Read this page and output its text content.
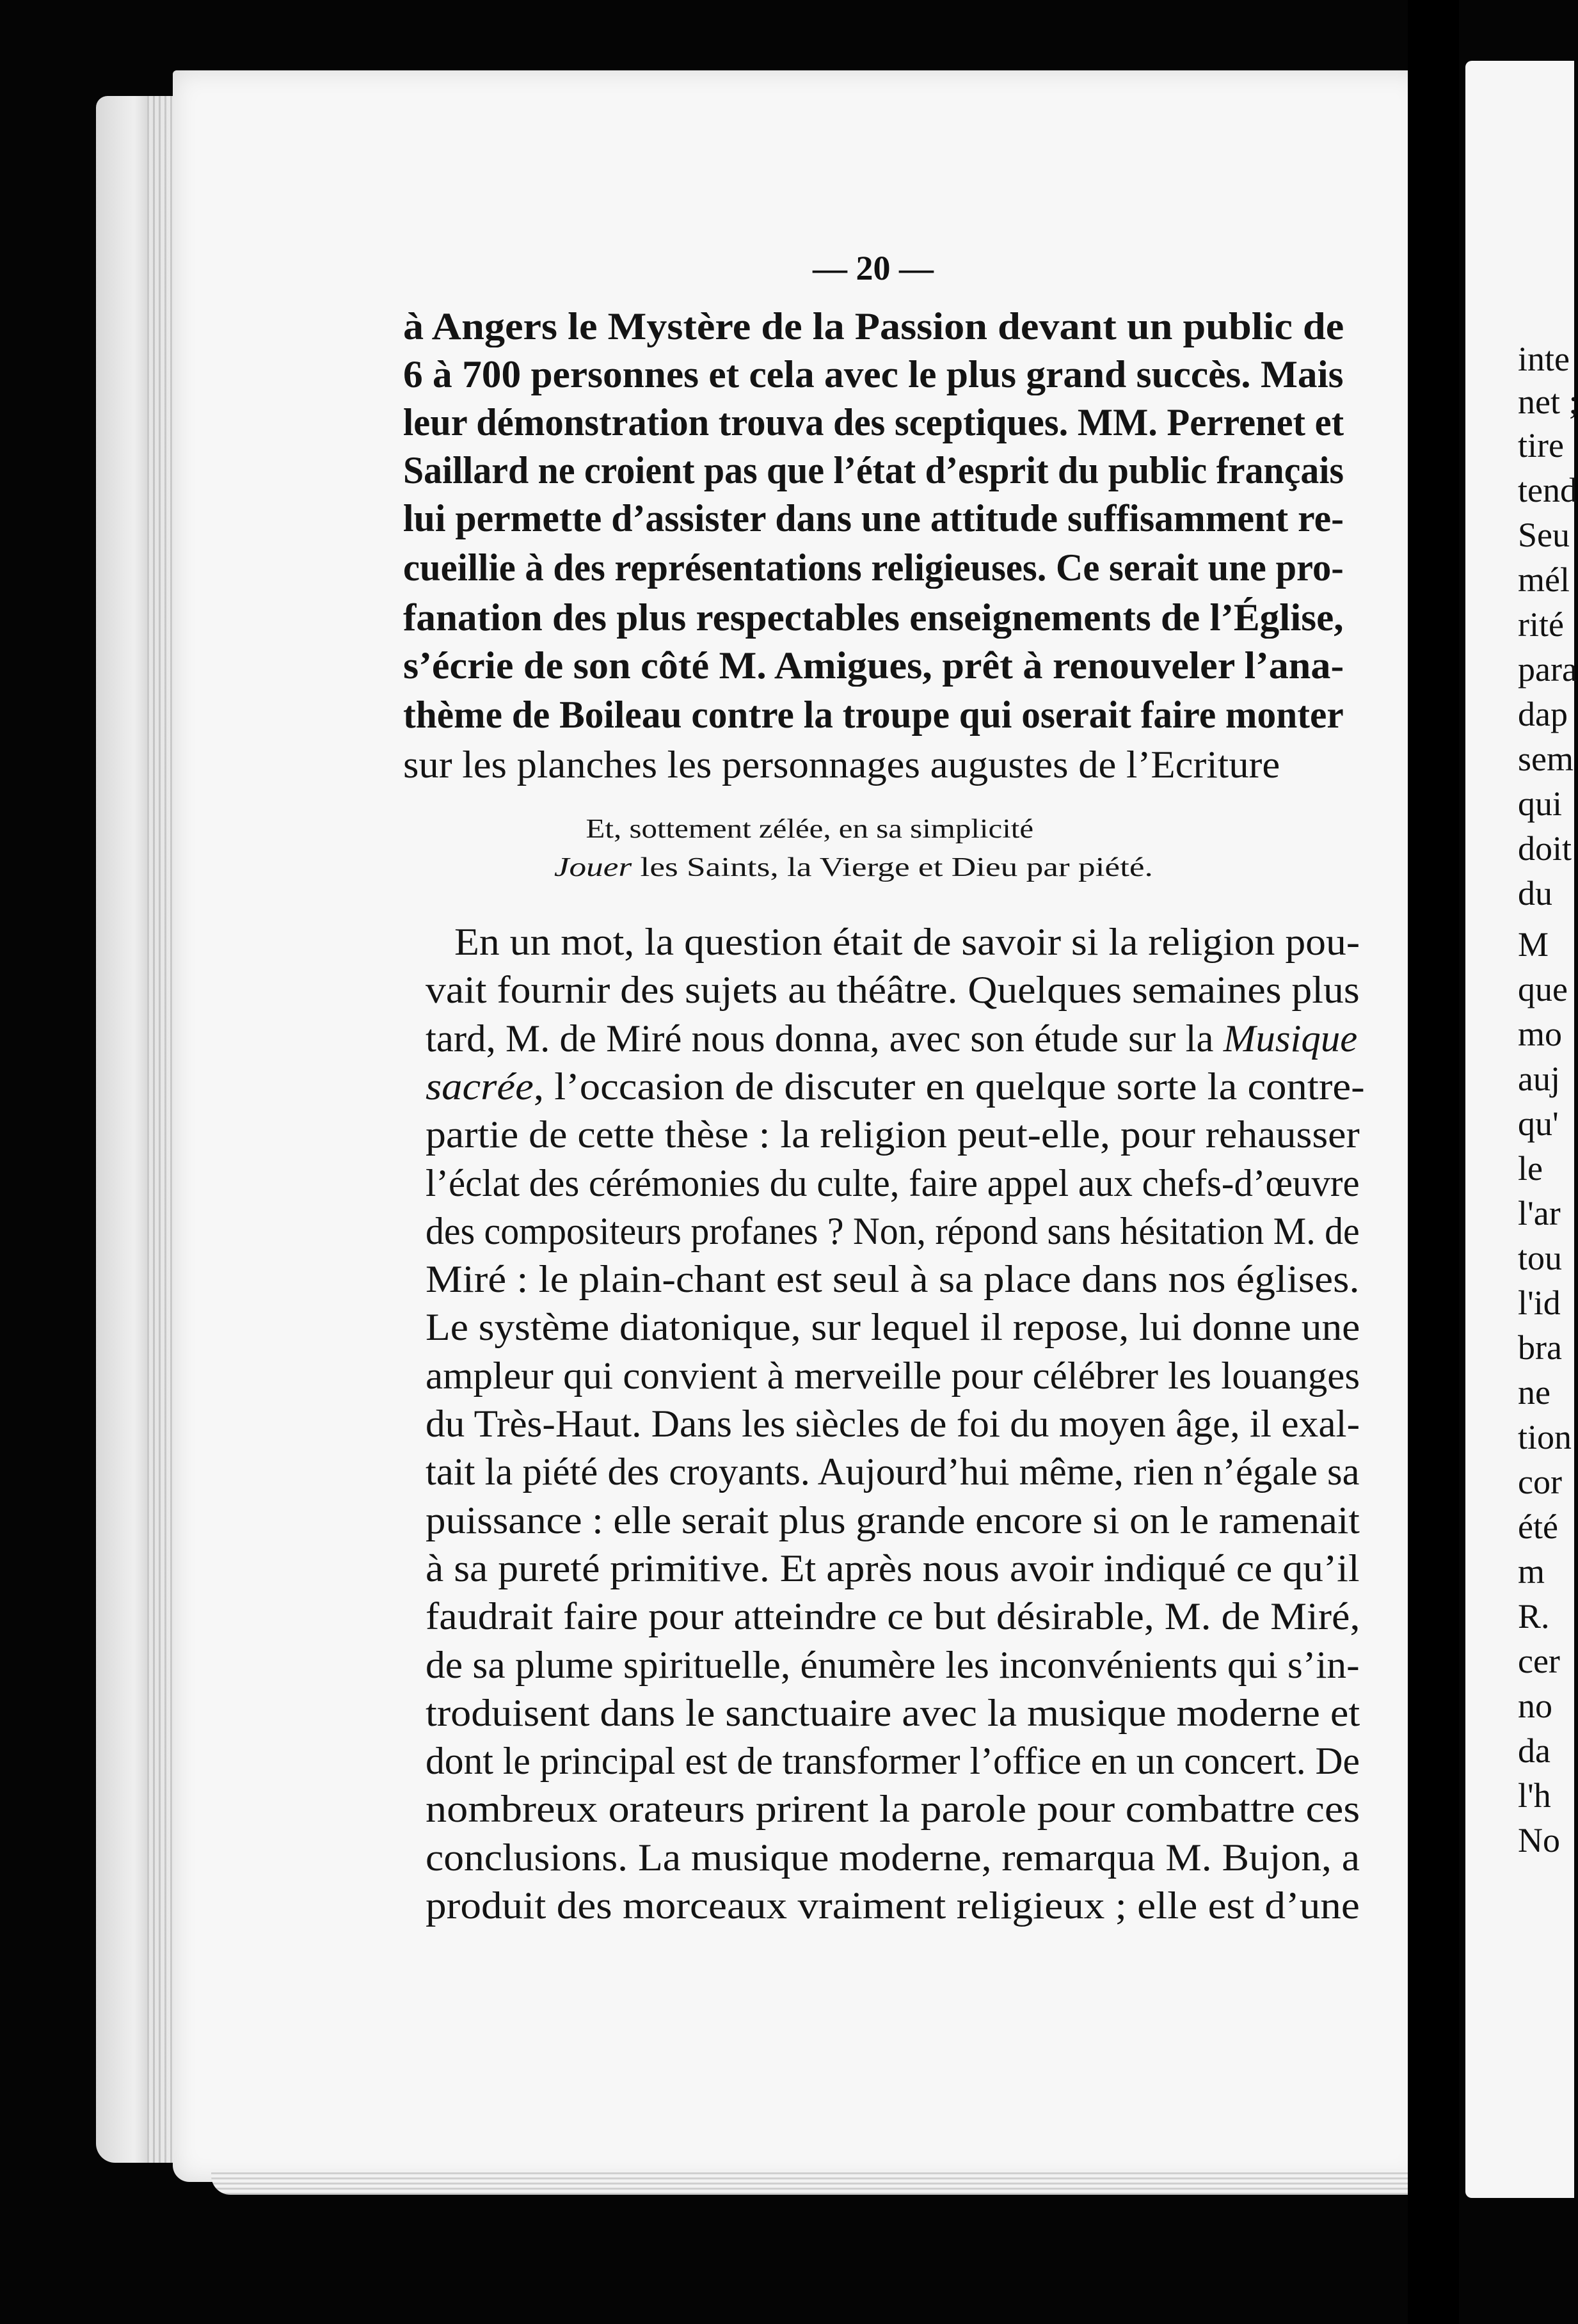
— 20 —
à Angers le Mystère de la Passion devant un public de
6 à 700 personnes et cela avec le plus grand succès. Mais
leur démonstration trouva des sceptiques. MM. Perrenet et
Saillard ne croient pas que l’état d’esprit du public français
lui permette d’assister dans une attitude suffisamment re-
cueillie à des représentations religieuses. Ce serait une pro-
fanation des plus respectables enseignements de l’Église,
s’écrie de son côté M. Amigues, prêt à renouveler l’ana-
thème de Boileau contre la troupe qui oserait faire monter
sur les planches les personnages augustes de l’Ecriture
Et, sottement zélée, en sa simplicité
Jouer les Saints, la Vierge et Dieu par piété.
En un mot, la question était de savoir si la religion pou-
vait fournir des sujets au théâtre. Quelques semaines plus
tard, M. de Miré nous donna, avec son étude sur la Musique
sacrée, l’occasion de discuter en quelque sorte la contre-
partie de cette thèse : la religion peut-elle, pour rehausser
l’éclat des cérémonies du culte, faire appel aux chefs-d’œuvre
des compositeurs profanes ? Non, répond sans hésitation M. de
Miré : le plain-chant est seul à sa place dans nos églises.
Le système diatonique, sur lequel il repose, lui donne une
ampleur qui convient à merveille pour célébrer les louanges
du Très-Haut. Dans les siècles de foi du moyen âge, il exal-
tait la piété des croyants. Aujourd’hui même, rien n’égale sa
puissance : elle serait plus grande encore si on le ramenait
à sa pureté primitive. Et après nous avoir indiqué ce qu’il
faudrait faire pour atteindre ce but désirable, M. de Miré,
de sa plume spirituelle, énumère les inconvénients qui s’in-
troduisent dans le sanctuaire avec la musique moderne et
dont le principal est de transformer l’office en un concert. De
nombreux orateurs prirent la parole pour combattre ces
conclusions. La musique moderne, remarqua M. Bujon, a
produit des morceaux vraiment religieux ; elle est d’une
inte
net ;
tire
tend
Seu
mél
rité
para
dap
sem
qui
doit
du
M
que
mo
auj
qu'
le
l'ar
tou
l'id
bra
ne
tion
cor
été
m
R.
cer
no
da
l'h
No
